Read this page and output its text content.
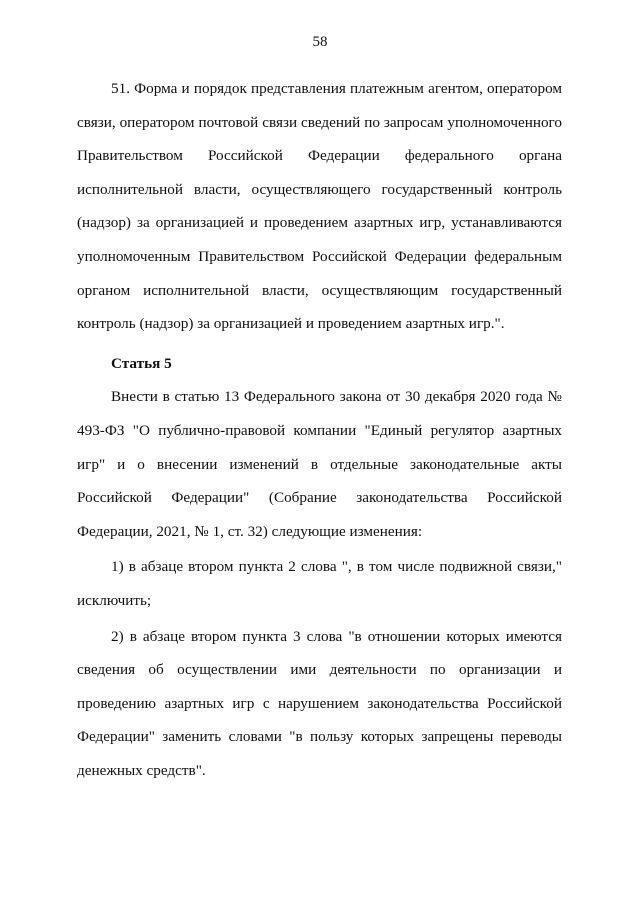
58

51. Форма и порядок представления платежным агентом, оператором связи, оператором почтовой связи сведений по запросам уполномоченного Правительством Российской Федерации федерального органа исполнительной власти, осуществляющего государственный контроль (надзор) за организацией и проведением азартных игр, устанавливаются уполномоченным Правительством Российской Федерации федеральным органом исполнительной власти, осуществляющим государственный контроль (надзор) за организацией и проведением азартных игр.".

Статья 5

Внести в статью 13 Федерального закона от 30 декабря 2020 года № 493-ФЗ "О публично-правовой компании "Единый регулятор азартных игр" и о внесении изменений в отдельные законодательные акты Российской Федерации" (Собрание законодательства Российской Федерации, 2021, № 1, ст. 32) следующие изменения:

1) в абзаце втором пункта 2 слова ", в том числе подвижной связи," исключить;

2) в абзаце втором пункта 3 слова "в отношении которых имеются сведения об осуществлении ими деятельности по организации и проведению азартных игр с нарушением законодательства Российской Федерации" заменить словами "в пользу которых запрещены переводы денежных средств".
